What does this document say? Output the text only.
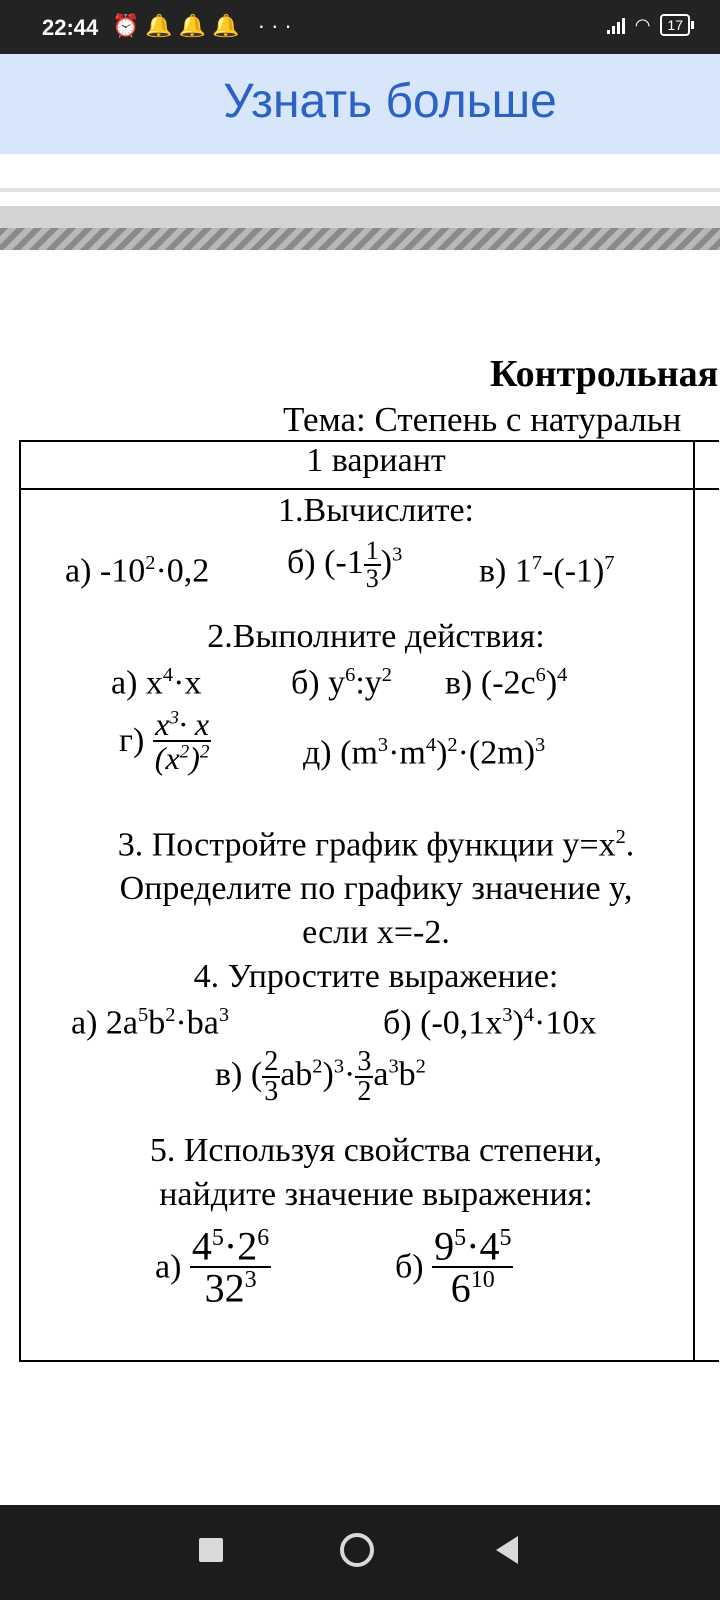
22:44 ⏰🔔🔔🔔 ···	◠	17
Узнать больше
Контрольная
Тема: Степень с натуральн
1 вариант
1.Вычислите:
а) $-10^2\cdot 0,2$ б) $(-1 \frac{1}{3} )^3$ в) $1^7-(-1)^7$
2.Выполните действия:
а) $x^4\cdot x$	б) $y^6:y^2$ в) $(-2c^6)^4$
$г) \frac{x^3\cdot x}{(x^2)^2}$	д) $(m^3\cdot m^4)^2\cdot(2m)^3$
3. Постройте график функции $y=x^2$.
Определите по графику значение y,
если x=-2.
4. Упростите выражение:
а) $2a^5b^2\cdot ba^3$	б) $(-0,1x^3)^4\cdot 10x$
в) ( $\frac{2}{3} ab^2)^3\cdot \frac{3}{2} a^3b^2$
5. Используя свойства степени,
найдите значение выражения:
$а) \frac{4^5\cdot 2^6}{32^3}$	$б) \frac{9^5\cdot 4^5}{6^{10}}$
